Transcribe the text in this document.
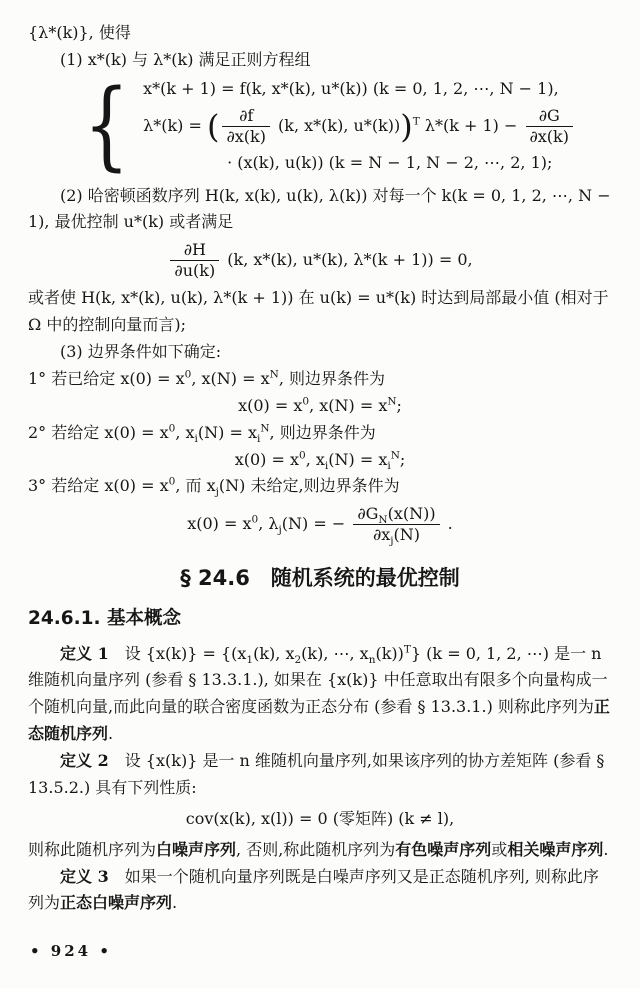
{λ*(k)}, 使得

(1) x*(k) 与 λ*(k) 满足正则方程组

{ x*(k + 1) = f(k, x*(k), u*(k)) (k = 0, 1, 2, ⋯, N − 1),
λ*(k) = ( $\frac{\partial f}{\partial x(k)} (k$, x*(k), u*(k)))$^T$ $\lambda*(k + 1) - \frac{\partial G}{\partial x(k)}$
· (x(k), u(k)) (k = N − 1, N − 2, ⋯, 2, 1);

(2) 哈密顿函数序列 H(k, x(k), u(k), λ(k)) 对每一个 k(k = 0, 1, 2, ⋯, N − 1), 最优控制 u*(k) 或者满足

$\frac{\partial H}{\partial u(k)} (k$, x*(k), u*(k), λ*(k + 1)) = 0,

或者使 H(k, x*(k), u(k), λ*(k + 1)) 在 u(k) = u*(k) 时达到局部最小值 (相对于 Ω 中的控制向量而言);

(3) 边界条件如下确定:

1° 若已给定 $x(0) = x^0$, $x(N) = x^N$, 则边界条件为

$x(0) = x^0$, $x(N) = x^N$;

2° 若给定 $x(0) = x^0$, $x_i(N) = x_i^N$, 则边界条件为

$x(0) = x^0$, $x_i(N) = x_i^N$;

3° 若给定 $x(0) = x^0$, 而 $x_j(N)$ 未给定,则边界条件为

$x(0) = x^0$, $\lambda_j(N)$ = − $\frac{\partial G_N(x(N))}{\partial x_j(N)}$ .

§ 24.6　随机系统的最优控制
24.6.1. 基本概念

定义 1　设 $\{x(k)\} = \{(x_1(k)$, $x_2(k)$, ⋯, $x_n(k))^T$} (k = 0, 1, 2, ⋯) 是一 n 维随机向量序列 (参看 § 13.3.1.), 如果在 {x(k)} 中任意取出有限多个向量构成一个随机向量,而此向量的联合密度函数为正态分布 (参看 § 13.3.1.) 则称此序列为正态随机序列.

定义 2　设 {x(k)} 是一 n 维随机向量序列,如果该序列的协方差矩阵 (参看 § 13.5.2.) 具有下列性质:

cov(x(k), x(l)) = 0 (零矩阵) (k ≠ l),

则称此随机序列为白噪声序列, 否则,称此随机序列为有色噪声序列或相关噪声序列.

定义 3　如果一个随机向量序列既是白噪声序列又是正态随机序列, 则称此序列为正态白噪声序列.

• 924 •
